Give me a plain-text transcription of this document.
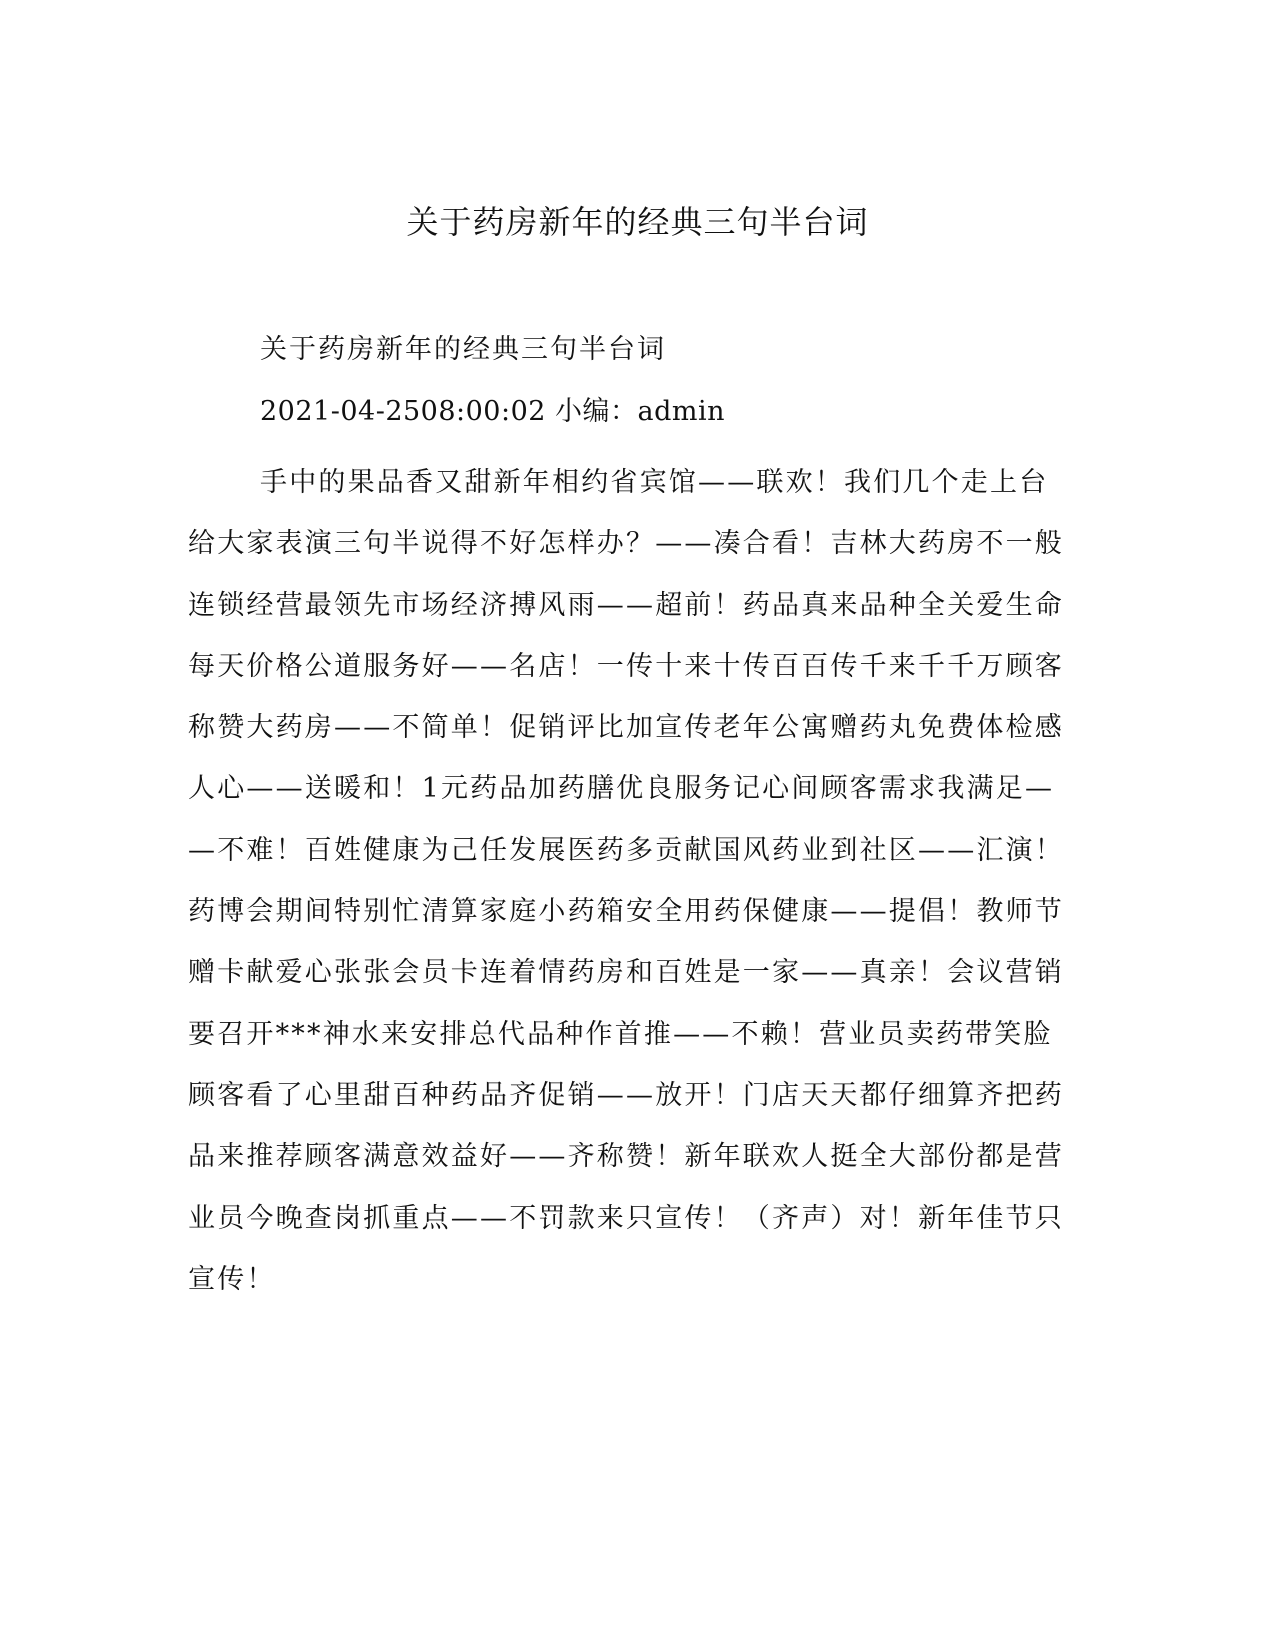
关于药房新年的经典三句半台词
关于药房新年的经典三句半台词
2021-04-2508:00:02 小编：admin

手中的果品香又甜新年相约省宾馆——联欢！我们几个走上台给大家表演三句半说得不好怎样办？——凑合看！吉林大药房不一般连锁经营最领先市场经济搏风雨——超前！药品真来品种全关爱生命每天价格公道服务好——名店！一传十来十传百百传千来千千万顾客称赞大药房——不简单！促销评比加宣传老年公寓赠药丸免费体检感人心——送暖和！1元药品加药膳优良服务记心间顾客需求我满足——不难！百姓健康为己任发展医药多贡献国风药业到社区——汇演！药博会期间特别忙清算家庭小药箱安全用药保健康——提倡！教师节赠卡献爱心张张会员卡连着情药房和百姓是一家——真亲！会议营销要召开***神水来安排总代品种作首推——不赖！营业员卖药带笑脸顾客看了心里甜百种药品齐促销——放开！门店天天都仔细算齐把药品来推荐顾客满意效益好——齐称赞！新年联欢人挺全大部份都是营业员今晚查岗抓重点——不罚款来只宣传！（齐声）对！新年佳节只宣传！
